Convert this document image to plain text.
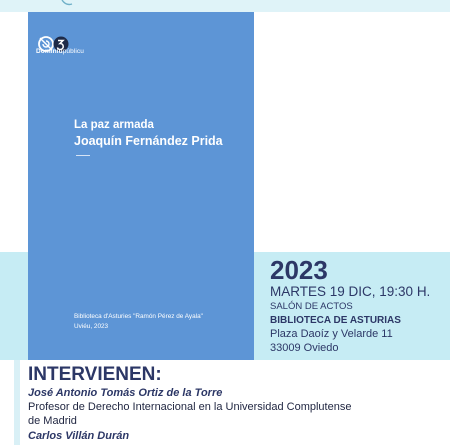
Dominiupúblicu
La paz armada
Joaquín Fernández Prida
Biblioteca d'Asturies "Ramón Pérez de Ayala"
Uviéu, 2023
2023
MARTES 19 DIC, 19:30 H.
SALÓN DE ACTOS
BIBLIOTECA DE ASTURIAS
Plaza Daoíz y Velarde 11
33009 Oviedo
INTERVIENEN:
José Antonio Tomás Ortiz de la Torre
Profesor de Derecho Internacional en la Universidad Complutense
de Madrid
Carlos Villán Durán
